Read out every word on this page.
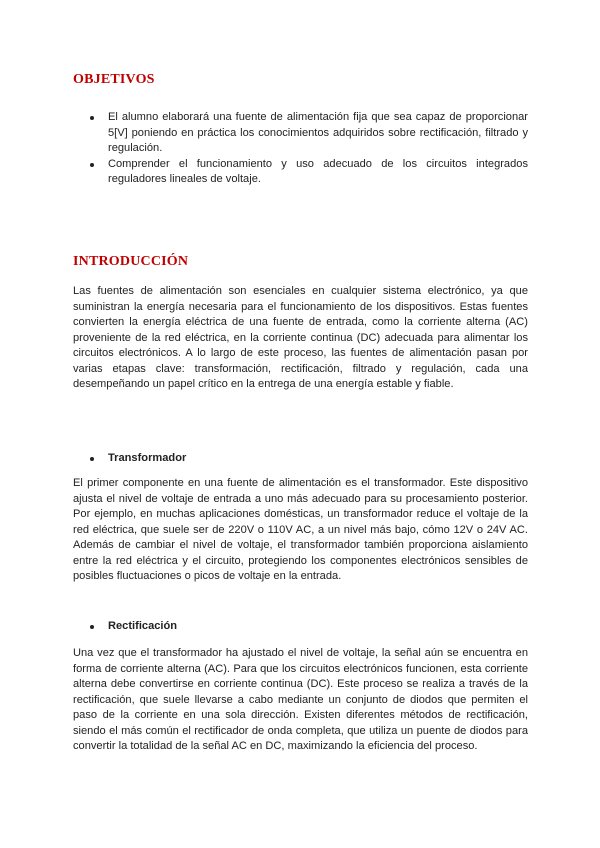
OBJETIVOS
El alumno elaborará una fuente de alimentación fija que sea capaz de proporcionar 5[V] poniendo en práctica los conocimientos adquiridos sobre rectificación, filtrado y regulación.
Comprender el funcionamiento y uso adecuado de los circuitos integrados reguladores lineales de voltaje.
INTRODUCCIÓN

Las fuentes de alimentación son esenciales en cualquier sistema electrónico, ya que suministran la energía necesaria para el funcionamiento de los dispositivos. Estas fuentes convierten la energía eléctrica de una fuente de entrada, como la corriente alterna (AC) proveniente de la red eléctrica, en la corriente continua (DC) adecuada para alimentar los circuitos electrónicos. A lo largo de este proceso, las fuentes de alimentación pasan por varias etapas clave: transformación, rectificación, filtrado y regulación, cada una desempeñando un papel crítico en la entrega de una energía estable y fiable.

Transformador

El primer componente en una fuente de alimentación es el transformador. Este dispositivo ajusta el nivel de voltaje de entrada a uno más adecuado para su procesamiento posterior. Por ejemplo, en muchas aplicaciones domésticas, un transformador reduce el voltaje de la red eléctrica, que suele ser de 220V o 110V AC, a un nivel más bajo, cómo 12V o 24V AC. Además de cambiar el nivel de voltaje, el transformador también proporciona aislamiento entre la red eléctrica y el circuito, protegiendo los componentes electrónicos sensibles de posibles fluctuaciones o picos de voltaje en la entrada.

Rectificación

Una vez que el transformador ha ajustado el nivel de voltaje, la señal aún se encuentra en forma de corriente alterna (AC). Para que los circuitos electrónicos funcionen, esta corriente alterna debe convertirse en corriente continua (DC). Este proceso se realiza a través de la rectificación, que suele llevarse a cabo mediante un conjunto de diodos que permiten el paso de la corriente en una sola dirección. Existen diferentes métodos de rectificación, siendo el más común el rectificador de onda completa, que utiliza un puente de diodos para convertir la totalidad de la señal AC en DC, maximizando la eficiencia del proceso.
